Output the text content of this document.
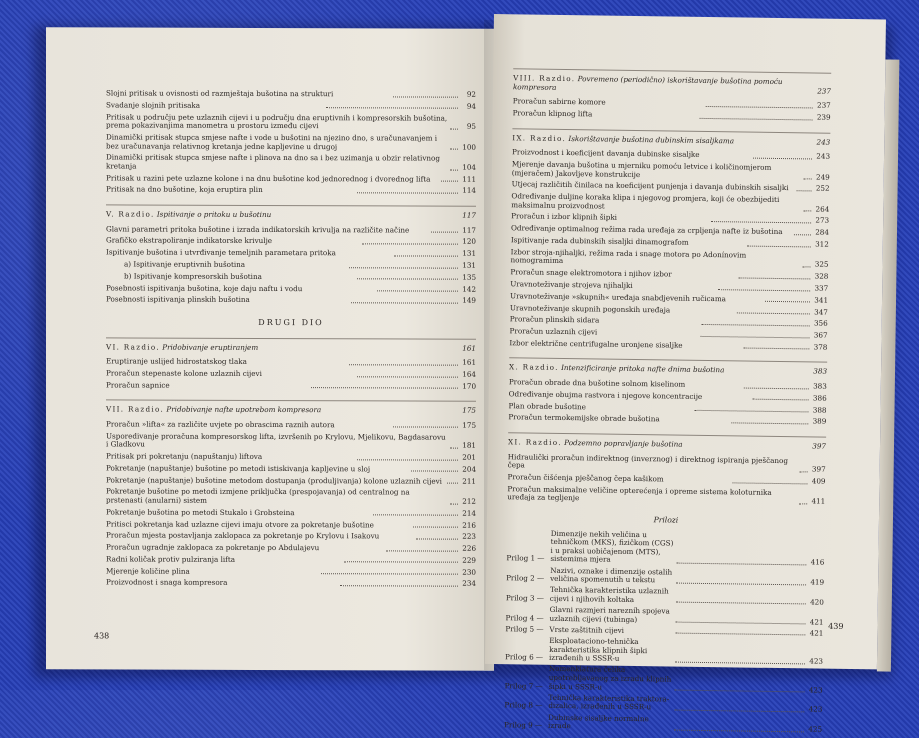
Slojni pritisak u ovisnosti od razmještaja bušotina na strukturi	92
Svadanje slojnih pritisaka	94
Pritisak u području pete uzlaznih cijevi i u području dna eruptivnih i kompresorskih bušotina, prema pokazivanjima manometra u prostoru između cijevi	95
Dinamički pritisak stupca smjese nafte i vode u bušotini na njezino dno, s uračunavanjem i bez uračunavanja relativnog kretanja jedne kapljevine u drugoj	100
Dinamički pritisak stupca smjese nafte i plinova na dno sa i bez uzimanja u obzir relativnog kretanja	104
Pritisak u razini pete uzlazne kolone i na dnu bušotine kod jednorednog i dvorednog lifta	111
Pritisak na dno bušotine, koja eruptira plin	114
V. Razdio. Ispitivanje o pritoku u bušotinu	117
Glavni parametri pritoka bušotine i izrada indikatorskih krivulja na različite načine	117
Grafičko ekstrapoliranje indikatorske krivulje	120
Ispitivanje bušotina i utvrđivanje temeljnih parametara pritoka	131
a) Ispitivanje eruptivnih bušotina	131
b) Ispitivanje kompresorskih bušotina	135
Posebnosti ispitivanja bušotina, koje daju naftu i vodu	142
Posebnosti ispitivanja plinskih bušotina	149
DRUGI DIO
VI. Razdio. Pridobivanje eruptiranjem	161
Eruptiranje uslijed hidrostatskog tlaka	161
Proračun stepenaste kolone uzlaznih cijevi	164
Proračun sapnice	170
VII. Razdio. Pridobivanje nafte upotrebom kompresora	175
Proračun »lifta« za različite uvjete po obrascima raznih autora	175
Usporedivanje proračuna kompresorskog lifta, izvršenih po Krylovu, Mjelikovu, Bagdasarovu i Gladkovu	181
Pritisak pri pokretanju (napuštanju) liftova	201
Pokretanje (napuštanje) bušotine po metodi istiskivanja kapljevine u sloj	204
Pokretanje (napuštanje) bušotine metodom dostupanja (produljivanja) kolone uzlaznih cijevi	211
Pokretanje bušotine po metodi izmjene priključka (prespojavanja) od centralnog na prstenasti (anularni) sistem	212
Pokretanje bušotina po metodi Stukalo i Grobsteina	214
Pritisci pokretanja kad uzlazne cijevi imaju otvore za pokretanje bušotine	216
Proračun mjesta postavljanja zaklopaca za pokretanje po Krylovu i Isakovu	223
Proračun ugradnje zaklopaca za pokretanje po Abdulajevu	226
Radni količak protiv pulziranja lifta	229
Mjerenje količine plina	230
Proizvodnost i snaga kompresora	234
438
VIII. Razdio. Povremeno (periodično) iskorištavanje bušotina pomoću kompresora	237
Proračun sabirne komore	237
Proračun klipnog lifta	239
IX. Razdio. Iskorištavanje bušotina dubinskim sisaljkama	243
Proizvodnost i koeficijent davanja dubinske sisaljke	243
Mjerenje davanja bušotina u mjerniku pomoću letvice i količinomjerom (mjeračem) Jakovljeve konstrukcije	249
Utjecaj različitih činilaca na koeficijent punjenja i davanja dubinskih sisaljki	252
Određivanje duljine koraka klipa i njegovog promjera, koji će obezbijediti maksimalnu proizvodnost	264
Proračun i izbor klipnih šipki	273
Određivanje optimalnog režima rada uređaja za crpljenja nafte iz bušotina	284
Ispitivanje rada dubinskih sisaljki dinamografom	312
Izbor stroja-njihaljki, režima rada i snage motora po Adonínovim nomogramima	325
Proračun snage elektromotora i njihov izbor	328
Uravnoteživanje strojeva njihaljki	337
Uravnoteživanje »skupnih« uređaja snabdjevenih ručicama	341
Uravnoteživanje skupnih pogonskih uređaja	347
Proračun plinskih sidara	356
Proračun uzlaznih cijevi	367
Izbor električne centrifugalne uronjene sisaljke	378
X. Razdio. Intenzificiranje pritoka nafte dnima bušotina	383
Proračun obrade dna bušotine solnom kiselinom	383
Određivanje obujma rastvora i njegove koncentracije	386
Plan obrade bušotine	388
Proračun termokemijske obrade bušotina	389
XI. Razdio. Podzemno popravljanje bušotina	397
Hidraulički proračun indirektnog (inverznog) i direktnog ispiranja pješčanog čepa	397
Proračun čišćenja pješčanog čepa kašikom	409
Proračun maksimalne veličine opterećenja i opreme sistema koloturnika uređaja za tegljenje	411
Prilozi
Prilog 1 —
Dimenzije nekih veličina u tehničkom (MKS), fizičkom (CGS) i u praksi uobičajenom (MTS), sistemima mjera	416
Prilog 2 —
Nazivi, oznake i dimenzije ostalih veličina spomenutih u tekstu	419
Prilog 3 —
Tehnička karakteristika uzlaznih cijevi i njihovih koltaka	420
Prilog 4 —
Glavni razmjeri narezníh spojeva uzlaznih cijevi (tubinga)	421
Prilog 5 — Vrste zaštitnih cijevi	421
Prilog 6 —
Eksploataciono-tehnička karakteristika klipnih šipki izrađenih u SSSR-u	423
Prilog 7 —
Nomenklatura čelika upotrebljavanog za izradu klipnih šipki u SSSR-u	423
Prilog 8 —
Tehnička karakteristika traktora-dizalica, izrađenih u SSSR-u	423
Prilog 9 —
Dubinske sisaljke normalne izrade	425
439
